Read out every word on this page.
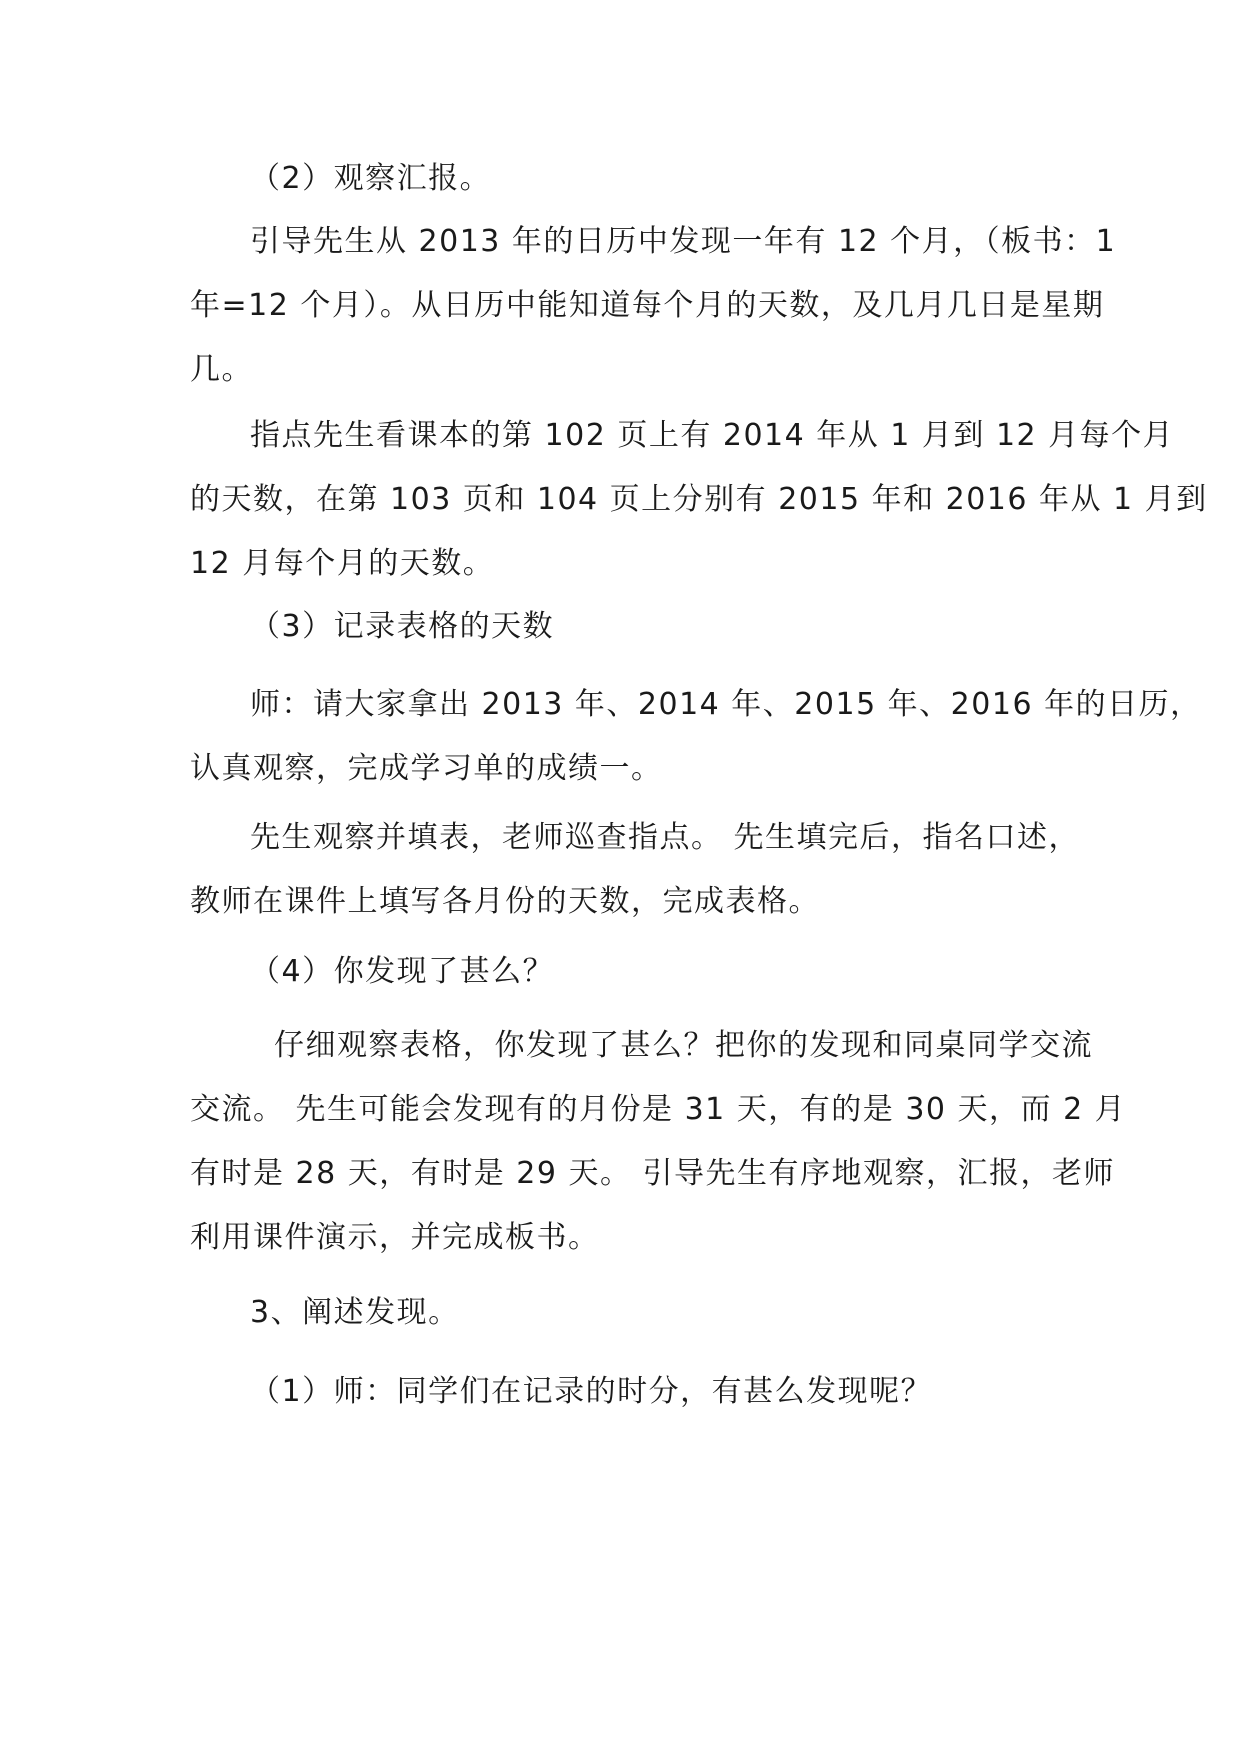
（2）观察汇报。

引导先生从 2013 年的日历中发现一年有 12 个月，（板书：1
年=12 个月）。从日历中能知道每个月的天数，及几月几日是星期
几。

指点先生看课本的第 102 页上有 2014 年从 1 月到 12 月每个月
的天数，在第 103 页和 104 页上分别有 2015 年和 2016 年从 1 月到
12 月每个月的天数。

（3）记录表格的天数

师：请大家拿出 2013 年、2014 年、2015 年、2016 年的日历，
认真观察，完成学习单的成绩一。

先生观察并填表，老师巡查指点。 先生填完后，指名口述，
教师在课件上填写各月份的天数，完成表格。

（4）你发现了甚么？

仔细观察表格，你发现了甚么？把你的发现和同桌同学交流
交流。 先生可能会发现有的月份是 31 天，有的是 30 天，而 2 月
有时是 28 天，有时是 29 天。 引导先生有序地观察，汇报，老师
利用课件演示，并完成板书。

3、阐述发现。

（1）师：同学们在记录的时分，有甚么发现呢？
